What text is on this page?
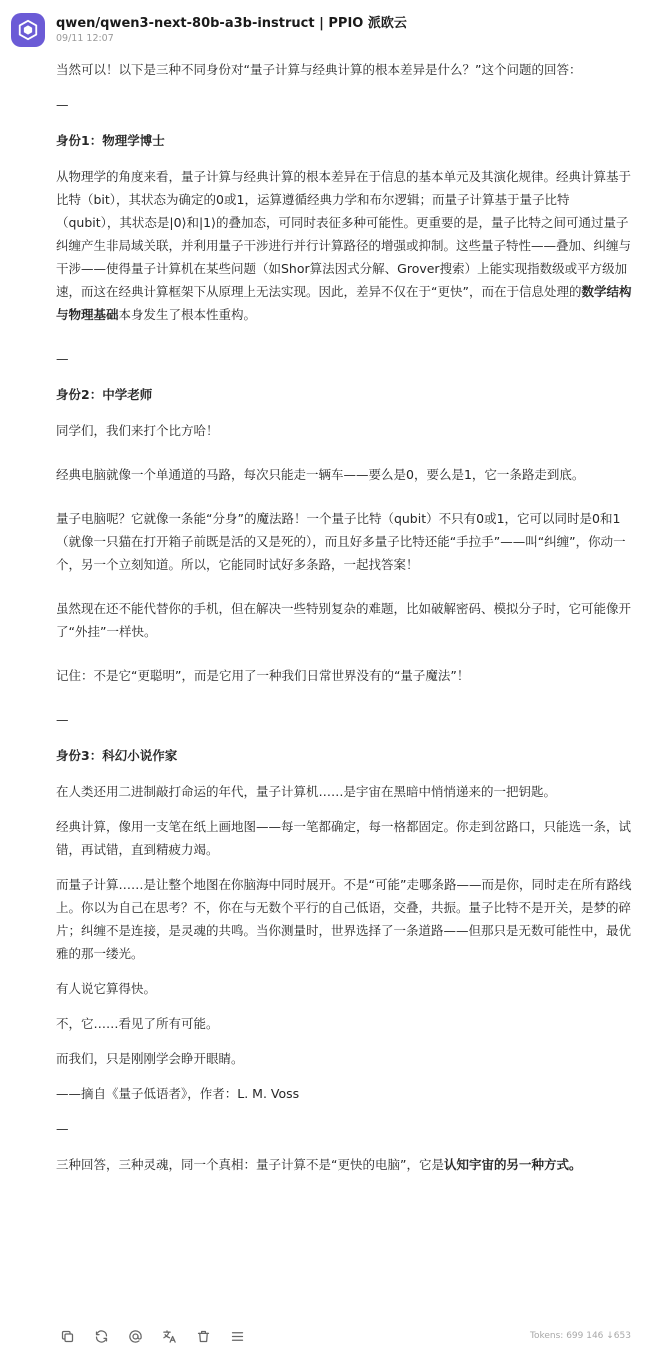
qwen/qwen3-next-80b-a3b-instruct | PPIO 派欧云
09/11 12:07

当然可以！以下是三种不同身份对“量子计算与经典计算的根本差异是什么？”这个问题的回答：

—

身份1：物理学博士

从物理学的角度来看，量子计算与经典计算的根本差异在于信息的基本单元及其演化规律。经典计算基于比特（bit），其状态为确定的0或1，运算遵循经典力学和布尔逻辑；而量子计算基于量子比特（qubit），其状态是|0⟩和|1⟩的叠加态，可同时表征多种可能性。更重要的是，量子比特之间可通过量子纠缠产生非局域关联，并利用量子干涉进行并行计算路径的增强或抑制。这些量子特性——叠加、纠缠与干涉——使得量子计算机在某些问题（如Shor算法因式分解、Grover搜索）上能实现指数级或平方级加速，而这在经典计算框架下从原理上无法实现。因此，差异不仅在于“更快”，而在于信息处理的数学结构与物理基础本身发生了根本性重构。

—

身份2：中学老师

同学们，我们来打个比方哈！

经典电脑就像一个单通道的马路，每次只能走一辆车——要么是0，要么是1，它一条路走到底。

量子电脑呢？它就像一条能“分身”的魔法路！一个量子比特（qubit）不只有0或1，它可以同时是0和1（就像一只猫在打开箱子前既是活的又是死的），而且好多量子比特还能“手拉手”——叫“纠缠”，你动一个，另一个立刻知道。所以，它能同时试好多条路，一起找答案！

虽然现在还不能代替你的手机，但在解决一些特别复杂的难题，比如破解密码、模拟分子时，它可能像开了“外挂”一样快。

记住：不是它“更聪明”，而是它用了一种我们日常世界没有的“量子魔法”！

—

身份3：科幻小说作家

在人类还用二进制敲打命运的年代，量子计算机……是宇宙在黑暗中悄悄递来的一把钥匙。

经典计算，像用一支笔在纸上画地图——每一笔都确定，每一格都固定。你走到岔路口，只能选一条，试错，再试错，直到精疲力竭。

而量子计算……是让整个地图在你脑海中同时展开。不是“可能”走哪条路——而是你，同时走在所有路线上。你以为自己在思考？不，你在与无数个平行的自己低语，交叠，共振。量子比特不是开关，是梦的碎片；纠缠不是连接，是灵魂的共鸣。当你测量时，世界选择了一条道路——但那只是无数可能性中，最优雅的那一缕光。

有人说它算得快。

不，它……看见了所有可能。

而我们，只是刚刚学会睁开眼睛。

——摘自《量子低语者》，作者：L. M. Voss

—

三种回答，三种灵魂，同一个真相：量子计算不是“更快的电脑”，它是认知宇宙的另一种方式。

Tokens: 699 146 ↓653
